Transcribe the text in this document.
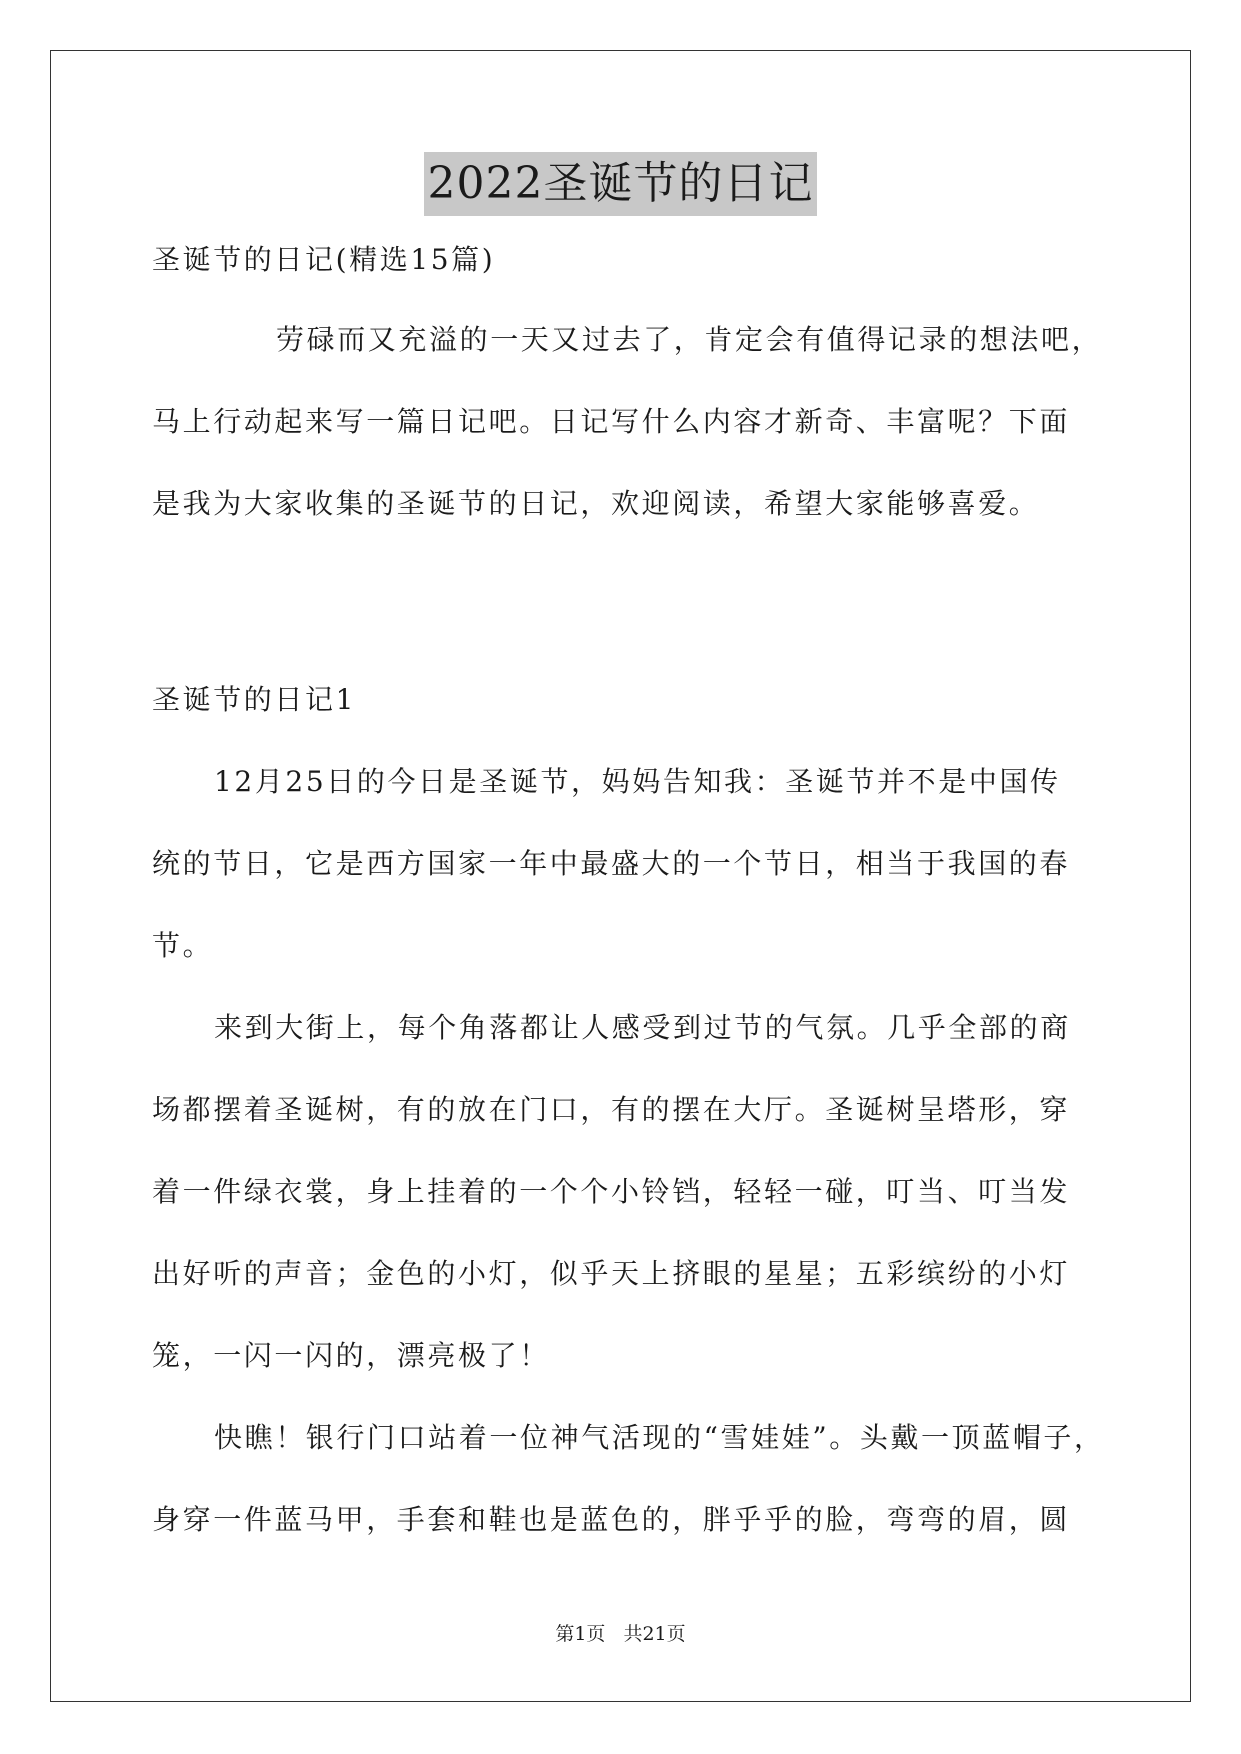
2022圣诞节的日记
圣诞节的日记(精选15篇)
劳碌而又充溢的一天又过去了，肯定会有值得记录的想法吧，
马上行动起来写一篇日记吧。日记写什么内容才新奇、丰富呢？下面
是我为大家收集的圣诞节的日记，欢迎阅读，希望大家能够喜爱。
圣诞节的日记1
12月25日的今日是圣诞节，妈妈告知我：圣诞节并不是中国传
统的节日，它是西方国家一年中最盛大的一个节日，相当于我国的春
节。
来到大街上，每个角落都让人感受到过节的气氛。几乎全部的商
场都摆着圣诞树，有的放在门口，有的摆在大厅。圣诞树呈塔形，穿
着一件绿衣裳，身上挂着的一个个小铃铛，轻轻一碰，叮当、叮当发
出好听的声音；金色的小灯，似乎天上挤眼的星星；五彩缤纷的小灯
笼，一闪一闪的，漂亮极了！
快瞧！银行门口站着一位神气活现的“雪娃娃”。头戴一顶蓝帽子，
身穿一件蓝马甲，手套和鞋也是蓝色的，胖乎乎的脸，弯弯的眉，圆
第1页 共21页
